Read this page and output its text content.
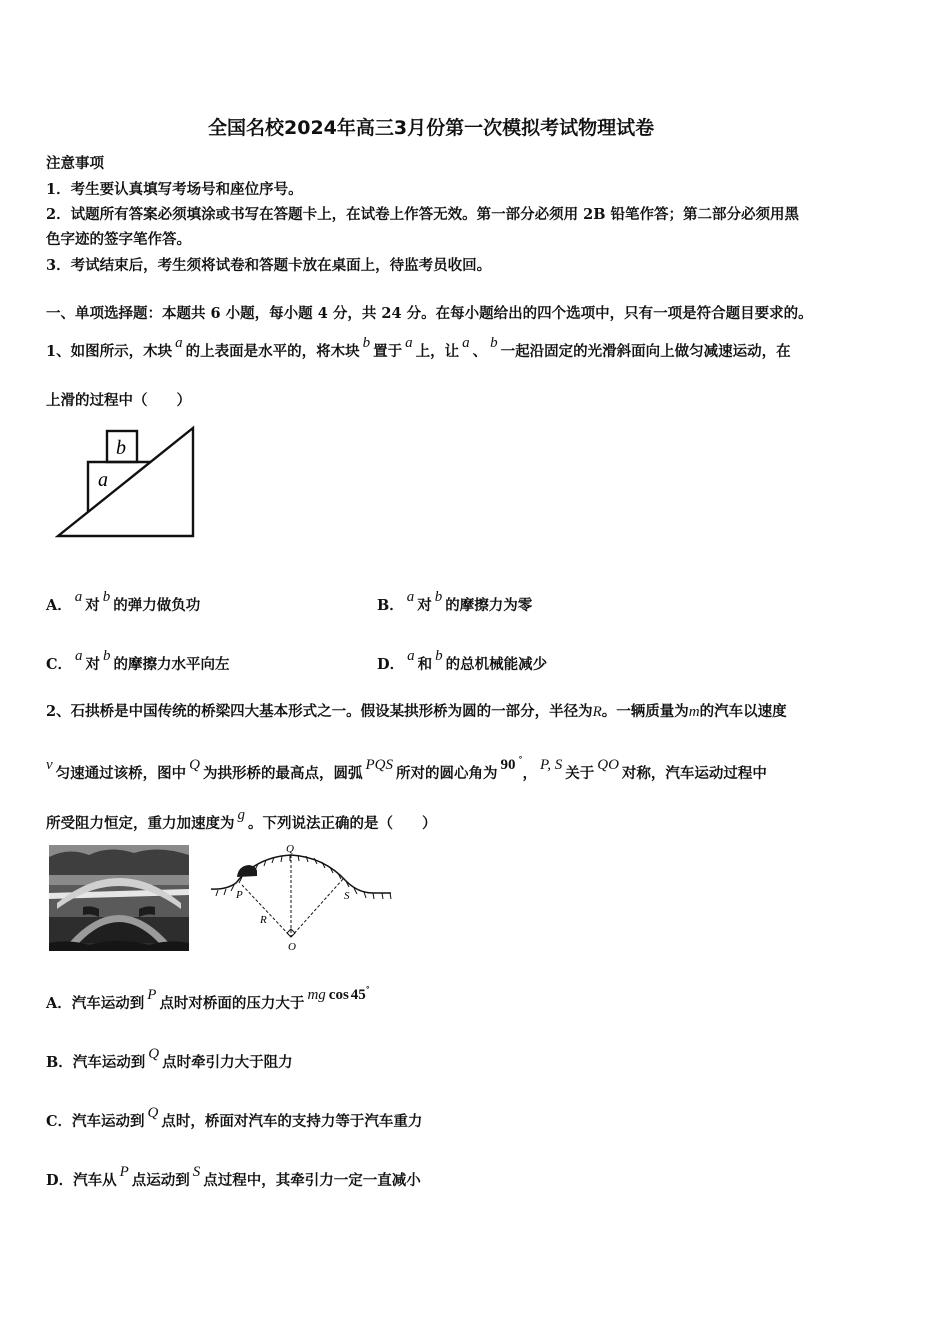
全国名校2024年高三3月份第一次模拟考试物理试卷
注意事项
1．考生要认真填写考场号和座位序号。
2．试题所有答案必须填涂或书写在答题卡上，在试卷上作答无效。第一部分必须用 2B 铅笔作答；第二部分必须用黑
色字迹的签字笔作答。
3．考试结束后，考生须将试卷和答题卡放在桌面上，待监考员收回。
一、单项选择题：本题共 6 小题，每小题 4 分，共 24 分。在每小题给出的四个选项中，只有一项是符合题目要求的。
1、如图所示，木块 a 的上表面是水平的，将木块 b 置于 a 上，让 a 、 b 一起沿固定的光滑斜面向上做匀减速运动，在
上滑的过程中（　　）
a
b
A． a 对 b 的弹力做负功	B． a 对 b 的摩擦力为零
C． a 对 b 的摩擦力水平向左	D． a 和 b 的总机械能减少
2、石拱桥是中国传统的桥梁四大基本形式之一。假设某拱形桥为圆的一部分，半径为R。一辆质量为m的汽车以速度
v 匀速通过该桥，图中 Q 为拱形桥的最高点，圆弧 PQS 所对的圆心角为 90 °， P, S 关于 QO 对称，汽车运动过程中
所受阻力恒定，重力加速度为 g 。下列说法正确的是（　　）
Q
P	S
R
O
A．汽车运动到 P 点时对桥面的压力大于 mg cos 45°
B．汽车运动到 Q 点时牵引力大于阻力
C．汽车运动到 Q 点时，桥面对汽车的支持力等于汽车重力
D．汽车从 P 点运动到 S 点过程中，其牵引力一定一直减小
